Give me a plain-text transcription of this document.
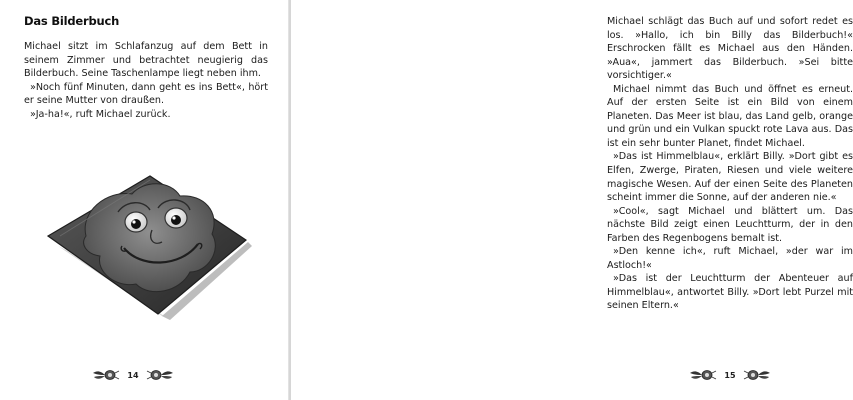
Das Bilderbuch

Michael sitzt im Schlafanzug auf dem Bett in seinem Zimmer und betrachtet neugierig das Bilderbuch. Seine Taschenlampe liegt neben ihm.

»Noch fünf Minuten, dann geht es ins Bett«, hört er seine Mutter von draußen.

»Ja-ha!«, ruft Michael zurück.

14

Michael schlägt das Buch auf und sofort redet es los. »Hallo, ich bin Billy das Bilderbuch!« Erschrocken fällt es Michael aus den Händen. »Aua«, jammert das Bilderbuch. »Sei bitte vorsichtiger.«

Michael nimmt das Buch und öffnet es erneut. Auf der ersten Seite ist ein Bild von einem Planeten. Das Meer ist blau, das Land gelb, orange und grün und ein Vulkan spuckt rote Lava aus. Das ist ein sehr bunter Planet, findet Michael.

»Das ist Himmelblau«, erklärt Billy. »Dort gibt es Elfen, Zwerge, Piraten, Riesen und viele weitere magische Wesen. Auf der einen Seite des Planeten scheint immer die Sonne, auf der anderen nie.«

»Cool«, sagt Michael und blättert um. Das nächste Bild zeigt einen Leuchtturm, der in den Farben des Regenbogens bemalt ist.

»Den kenne ich«, ruft Michael, »der war im Astloch!«

»Das ist der Leuchtturm der Abenteuer auf Himmelblau«, antwortet Billy. »Dort lebt Purzel mit seinen Eltern.«

15
